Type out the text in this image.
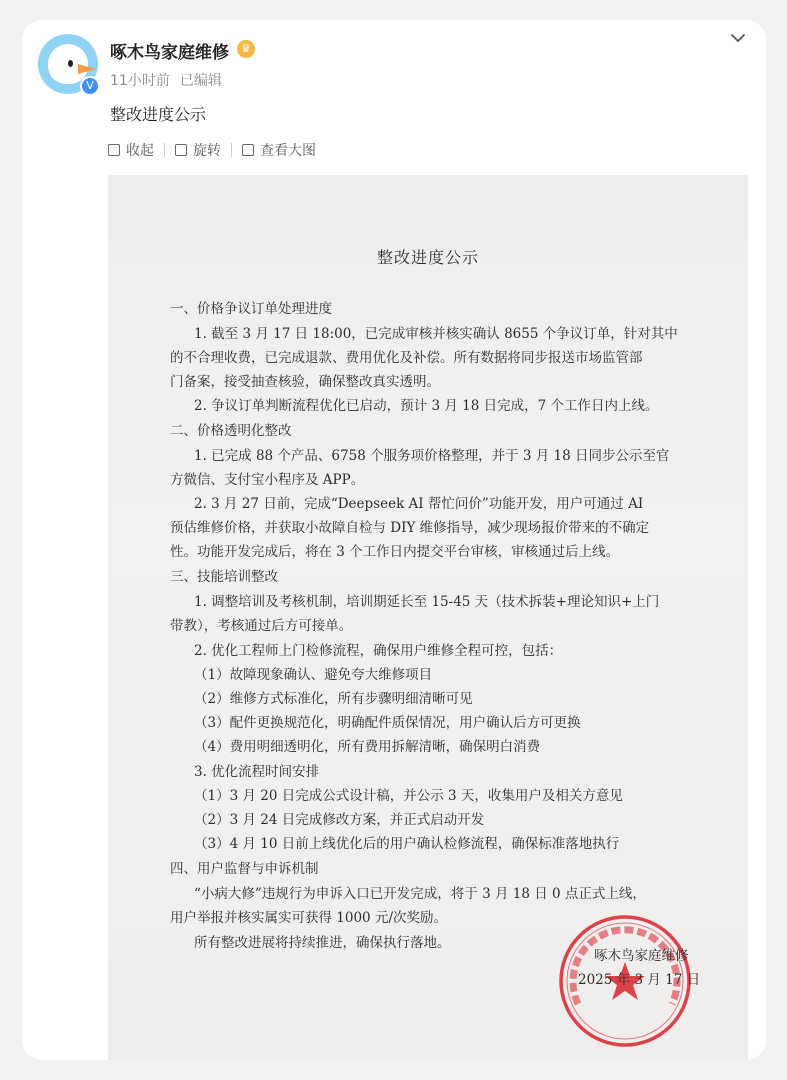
V
啄木鸟家庭维修	♛
11小时前 已编辑
整改进度公示
收起	旋转	查看大图
整改进度公示
一、价格争议订单处理进度
1. 截至 3 月 17 日 18:00，已完成审核并核实确认 8655 个争议订单，针对其中
的不合理收费，已完成退款、费用优化及补偿。所有数据将同步报送市场监管部
门备案，接受抽查核验，确保整改真实透明。
2. 争议订单判断流程优化已启动，预计 3 月 18 日完成，7 个工作日内上线。
二、价格透明化整改
1. 已完成 88 个产品、6758 个服务项价格整理，并于 3 月 18 日同步公示至官
方微信、支付宝小程序及 APP。
2. 3 月 27 日前，完成“Deepseek AI 帮忙问价”功能开发，用户可通过 AI
预估维修价格，并获取小故障自检与 DIY 维修指导，减少现场报价带来的不确定
性。功能开发完成后，将在 3 个工作日内提交平台审核，审核通过后上线。
三、技能培训整改
1. 调整培训及考核机制，培训期延长至 15-45 天（技术拆装+理论知识+上门
带教），考核通过后方可接单。
2. 优化工程师上门检修流程，确保用户维修全程可控，包括：
（1）故障现象确认、避免夸大维修项目
（2）维修方式标准化，所有步骤明细清晰可见
（3）配件更换规范化，明确配件质保情况，用户确认后方可更换
（4）费用明细透明化，所有费用拆解清晰，确保明白消费
3. 优化流程时间安排
（1）3 月 20 日完成公式设计稿，并公示 3 天，收集用户及相关方意见
（2）3 月 24 日完成修改方案，并正式启动开发
（3）4 月 10 日前上线优化后的用户确认检修流程，确保标准落地执行
四、用户监督与申诉机制
“小病大修”违规行为申诉入口已开发完成，将于 3 月 18 日 0 点正式上线，
用户举报并核实属实可获得 1000 元/次奖励。
所有整改进展将持续推进，确保执行落地。
啄木鸟家庭维修
2025 年 3 月 17 日
